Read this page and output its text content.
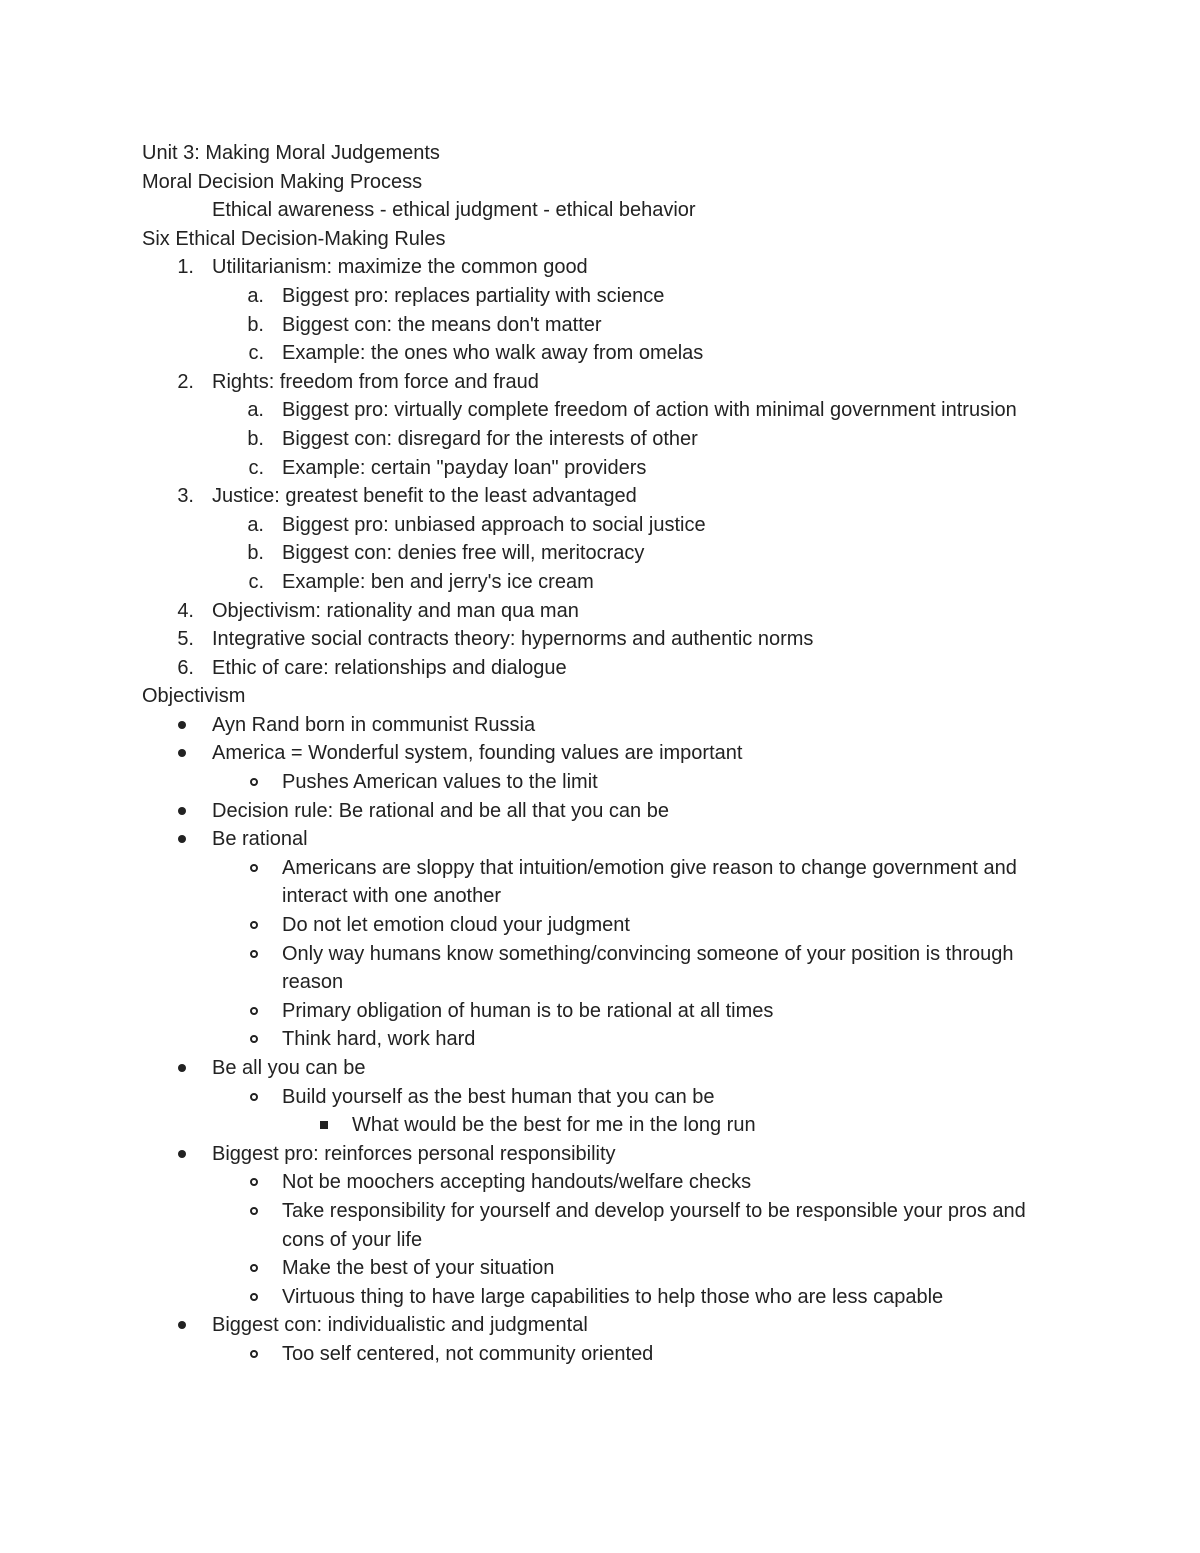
Unit 3: Making Moral Judgements
Moral Decision Making Process
Ethical awareness - ethical judgment - ethical behavior
Six Ethical Decision-Making Rules
1. Utilitarianism: maximize the common good
a. Biggest pro: replaces partiality with science
b. Biggest con: the means don't matter
c. Example: the ones who walk away from omelas
2. Rights: freedom from force and fraud
a. Biggest pro: virtually complete freedom of action with minimal government intrusion
b. Biggest con: disregard for the interests of other
c. Example: certain "payday loan" providers
3. Justice: greatest benefit to the least advantaged
a. Biggest pro: unbiased approach to social justice
b. Biggest con: denies free will, meritocracy
c. Example: ben and jerry's ice cream
4. Objectivism: rationality and man qua man
5. Integrative social contracts theory: hypernorms and authentic norms
6. Ethic of care: relationships and dialogue
Objectivism
Ayn Rand born in communist Russia
America = Wonderful system, founding values are important
Pushes American values to the limit
Decision rule: Be rational and be all that you can be
Be rational
Americans are sloppy that intuition/emotion give reason to change government and interact with one another
Do not let emotion cloud your judgment
Only way humans know something/convincing someone of your position is through reason
Primary obligation of human is to be rational at all times
Think hard, work hard
Be all you can be
Build yourself as the best human that you can be
What would be the best for me in the long run
Biggest pro: reinforces personal responsibility
Not be moochers accepting handouts/welfare checks
Take responsibility for yourself and develop yourself to be responsible your pros and cons of your life
Make the best of your situation
Virtuous thing to have large capabilities to help those who are less capable
Biggest con: individualistic and judgmental
Too self centered, not community oriented
